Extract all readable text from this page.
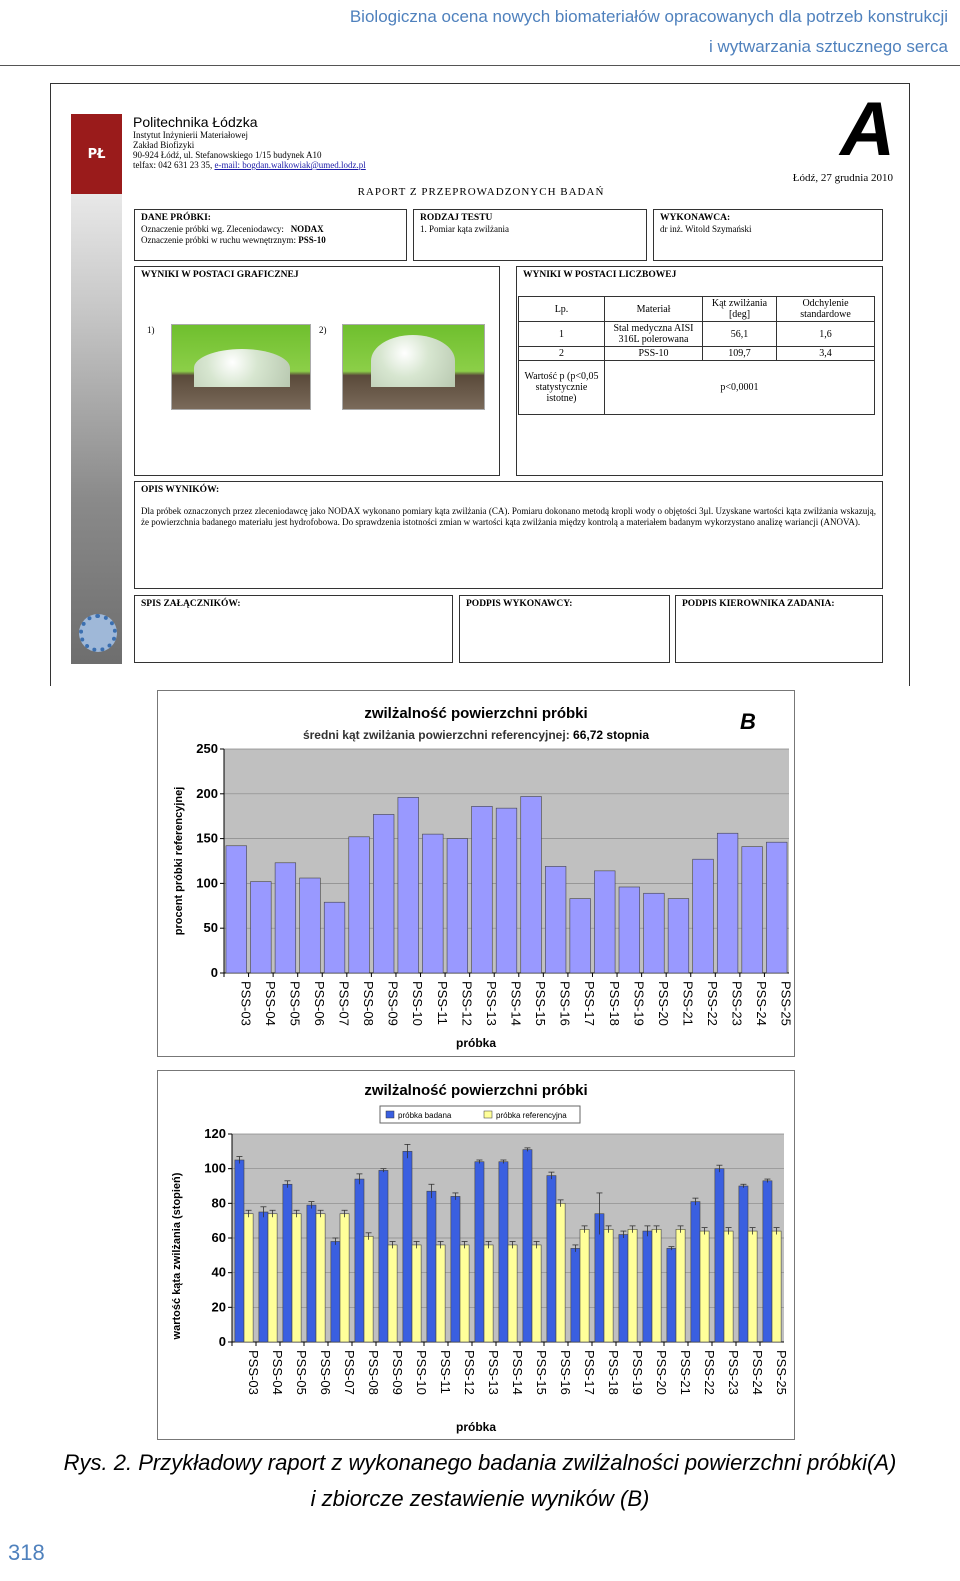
Biologiczna ocena nowych biomateriałów opracowanych dla potrzeb konstrukcji
i wytwarzania sztucznego serca
PŁ
Politechnika Łódzka
Instytut Inżynierii Materiałowej
Zakład Biofizyki
90-924 Łódź, ul. Stefanowskiego 1/15 budynek A10
telfax: 042 631 23 35, e-mail: bogdan.walkowiak@umed.lodz.pl	A
Łódź, 27 grudnia 2010
RAPORT Z PRZEPROWADZONYCH BADAŃ
DANE PRÓBKI:
Oznaczenie próbki wg. Zleceniodawcy: NODAX
Oznaczenie próbki w ruchu wewnętrznym: PSS-10
RODZAJ TESTU
1. Pomiar kąta zwilżania
WYKONAWCA:
dr inż. Witold Szymański
WYNIKI W POSTACI GRAFICZNEJ
1)	2)
WYNIKI W POSTACI LICZBOWEJ
Lp.	Materiał	Kąt zwilżania [deg]	Odchylenie standardowe
1	Stal medyczna AISI 316L polerowana	56,1	1,6
2	PSS-10	109,7	3,4
Wartość p (p<0,05 statystycznie istotne)	p<0,0001		
OPIS WYNIKÓW:
Dla próbek oznaczonych przez zleceniodawcę jako NODAX wykonano pomiary kąta zwilżania (CA). Pomiaru dokonano metodą kropli wody o objętości 3μl. Uzyskane wartości kąta zwilżania wskazują, że powierzchnia badanego materiału jest hydrofobowa. Do sprawdzenia istotności zmian w wartości kąta zwilżania między kontrolą a materiałem badanym wykorzystano analizę wariancji (ANOVA).
SPIS ZAŁĄCZNIKÓW:	PODPIS WYKONAWCY:	PODPIS KIEROWNIKA ZADANIA:
zwilżalność powierzchni próbki
średni kąt zwilżania powierzchni referencyjnej: 66,72 stopnia
B
próbka
procent próbki referencyjnej
0
50
100
150
200
250
PSS-03 PSS-04 PSS-05 PSS-06 PSS-07 PSS-08 PSS-09 PSS-10 PSS-11 PSS-12 PSS-13 PSS-14 PSS-15 PSS-16 PSS-17 PSS-18 PSS-19 PSS-20 PSS-21 PSS-22 PSS-23 PSS-24 PSS-25
zwilżalność powierzchni próbki
próbka badana	próbka referencyjna
próbka
wartość kąta zwilżania (stopień)
0
20
40
60
80
100
120
PSS-03 PSS-04 PSS-05 PSS-06 PSS-07 PSS-08 PSS-09 PSS-10 PSS-11 PSS-12 PSS-13 PSS-14 PSS-15 PSS-16 PSS-17 PSS-18 PSS-19 PSS-20 PSS-21 PSS-22 PSS-23 PSS-24 PSS-25
Rys. 2. Przykładowy raport z wykonanego badania zwilżalności powierzchni próbki(A)
i zbiorcze zestawienie wyników (B)
318
